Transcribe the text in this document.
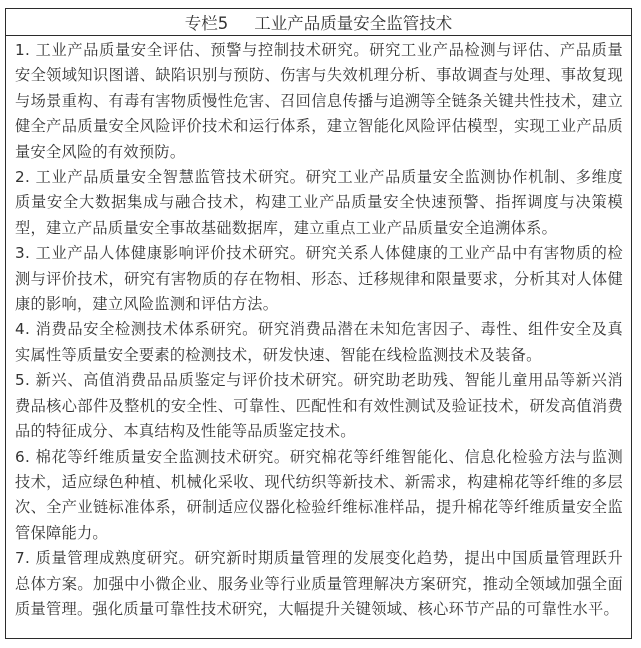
专栏5 工业产品质量安全监管技术

1. 工业产品质量安全评估、预警与控制技术研究。研究工业产品检测与评估、产品质量安全领域知识图谱、缺陷识别与预防、伤害与失效机理分析、事故调查与处理、事故复现与场景重构、有毒有害物质慢性危害、召回信息传播与追溯等全链条关键共性技术，建立健全产品质量安全风险评价技术和运行体系，建立智能化风险评估模型，实现工业产品质量安全风险的有效预防。

2. 工业产品质量安全智慧监管技术研究。研究工业产品质量安全监测协作机制、多维度质量安全大数据集成与融合技术，构建工业产品质量安全快速预警、指挥调度与决策模型，建立产品质量安全事故基础数据库，建立重点工业产品质量安全追溯体系。

3. 工业产品人体健康影响评价技术研究。研究关系人体健康的工业产品中有害物质的检测与评价技术，研究有害物质的存在物相、形态、迁移规律和限量要求，分析其对人体健康的影响，建立风险监测和评估方法。

4. 消费品安全检测技术体系研究。研究消费品潜在未知危害因子、毒性、组件安全及真实属性等质量安全要素的检测技术，研发快速、智能在线检监测技术及装备。

5. 新兴、高值消费品品质鉴定与评价技术研究。研究助老助残、智能儿童用品等新兴消费品核心部件及整机的安全性、可靠性、匹配性和有效性测试及验证技术，研发高值消费品的特征成分、本真结构及性能等品质鉴定技术。

6. 棉花等纤维质量安全监测技术研究。研究棉花等纤维智能化、信息化检验方法与监测技术，适应绿色种植、机械化采收、现代纺织等新技术、新需求，构建棉花等纤维的多层次、全产业链标准体系，研制适应仪器化检验纤维标准样品，提升棉花等纤维质量安全监管保障能力。

7. 质量管理成熟度研究。研究新时期质量管理的发展变化趋势，提出中国质量管理跃升总体方案。加强中小微企业、服务业等行业质量管理解决方案研究，推动全领域加强全面质量管理。强化质量可靠性技术研究，大幅提升关键领域、核心环节产品的可靠性水平。
